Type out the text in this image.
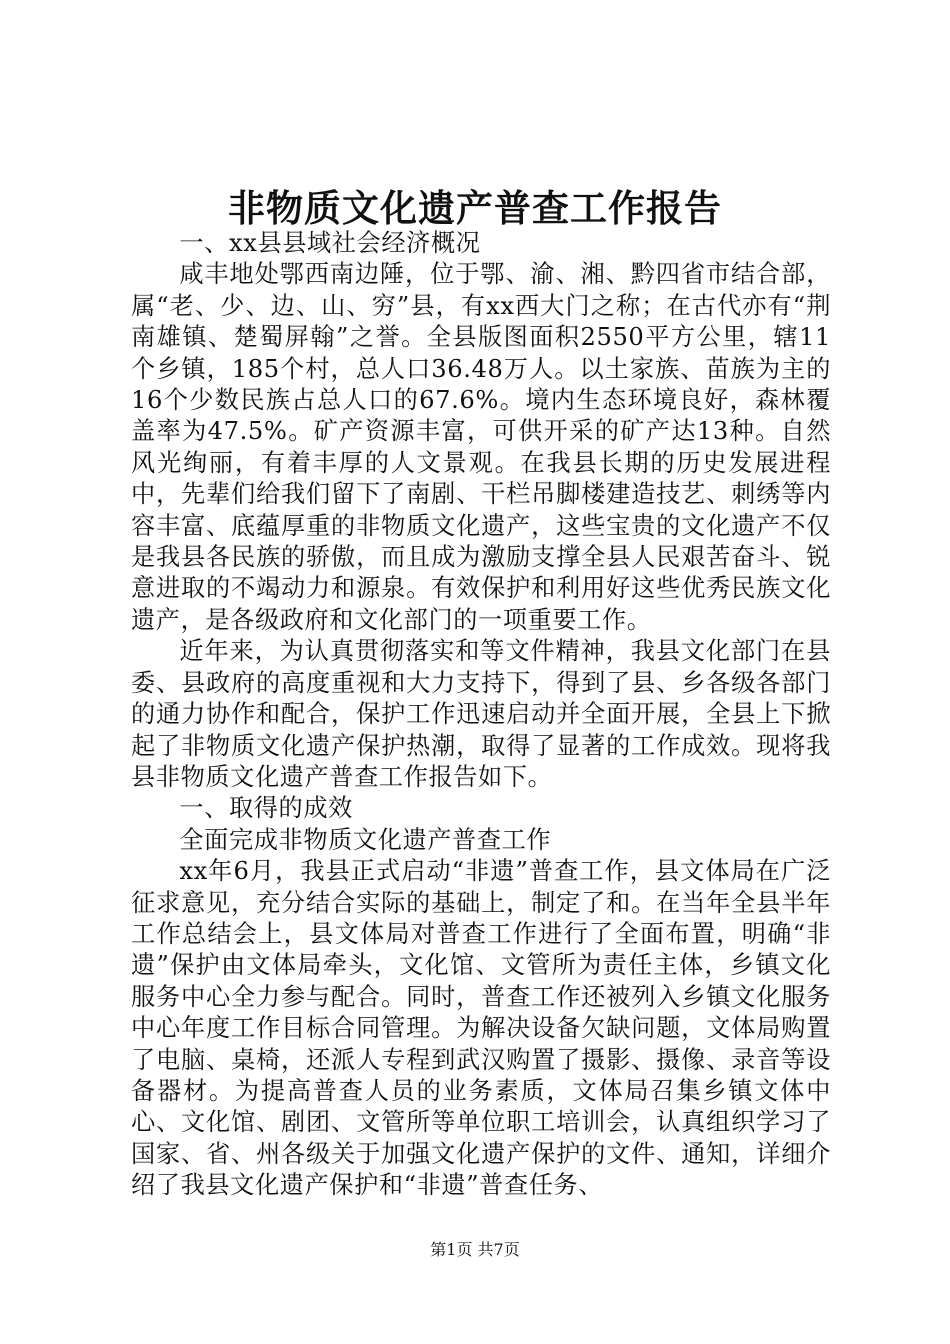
非物质文化遗产普查工作报告

一、xx县县域社会经济概况

咸丰地处鄂西南边陲，位于鄂、渝、湘、黔四省市结合部，属“老、少、边、山、穷”县，有xx西大门之称；在古代亦有“荆南雄镇、楚蜀屏翰”之誉。全县版图面积2550平方公里，辖11个乡镇，185个村，总人口36.48万人。以土家族、苗族为主的16个少数民族占总人口的67.6%。境内生态环境良好，森林覆盖率为47.5%。矿产资源丰富，可供开采的矿产达13种。自然风光绚丽，有着丰厚的人文景观。在我县长期的历史发展进程中，先辈们给我们留下了南剧、干栏吊脚楼建造技艺、刺绣等内容丰富、底蕴厚重的非物质文化遗产，这些宝贵的文化遗产不仅是我县各民族的骄傲，而且成为激励支撑全县人民艰苦奋斗、锐意进取的不竭动力和源泉。有效保护和利用好这些优秀民族文化遗产，是各级政府和文化部门的一项重要工作。

近年来，为认真贯彻落实和等文件精神，我县文化部门在县委、县政府的高度重视和大力支持下，得到了县、乡各级各部门的通力协作和配合，保护工作迅速启动并全面开展，全县上下掀起了非物质文化遗产保护热潮，取得了显著的工作成效。现将我县非物质文化遗产普查工作报告如下。

一、取得的成效

全面完成非物质文化遗产普查工作

xx年6月，我县正式启动“非遗”普查工作，县文体局在广泛征求意见，充分结合实际的基础上，制定了和。在当年全县半年工作总结会上，县文体局对普查工作进行了全面布置，明确“非遗”保护由文体局牵头，文化馆、文管所为责任主体，乡镇文化服务中心全力参与配合。同时，普查工作还被列入乡镇文化服务中心年度工作目标合同管理。为解决设备欠缺问题，文体局购置了电脑、桌椅，还派人专程到武汉购置了摄影、摄像、录音等设备器材。为提高普查人员的业务素质，文体局召集乡镇文体中心、文化馆、剧团、文管所等单位职工培训会，认真组织学习了国家、省、州各级关于加强文化遗产保护的文件、通知，详细介绍了我县文化遗产保护和“非遗”普查任务、

第1页 共7页
